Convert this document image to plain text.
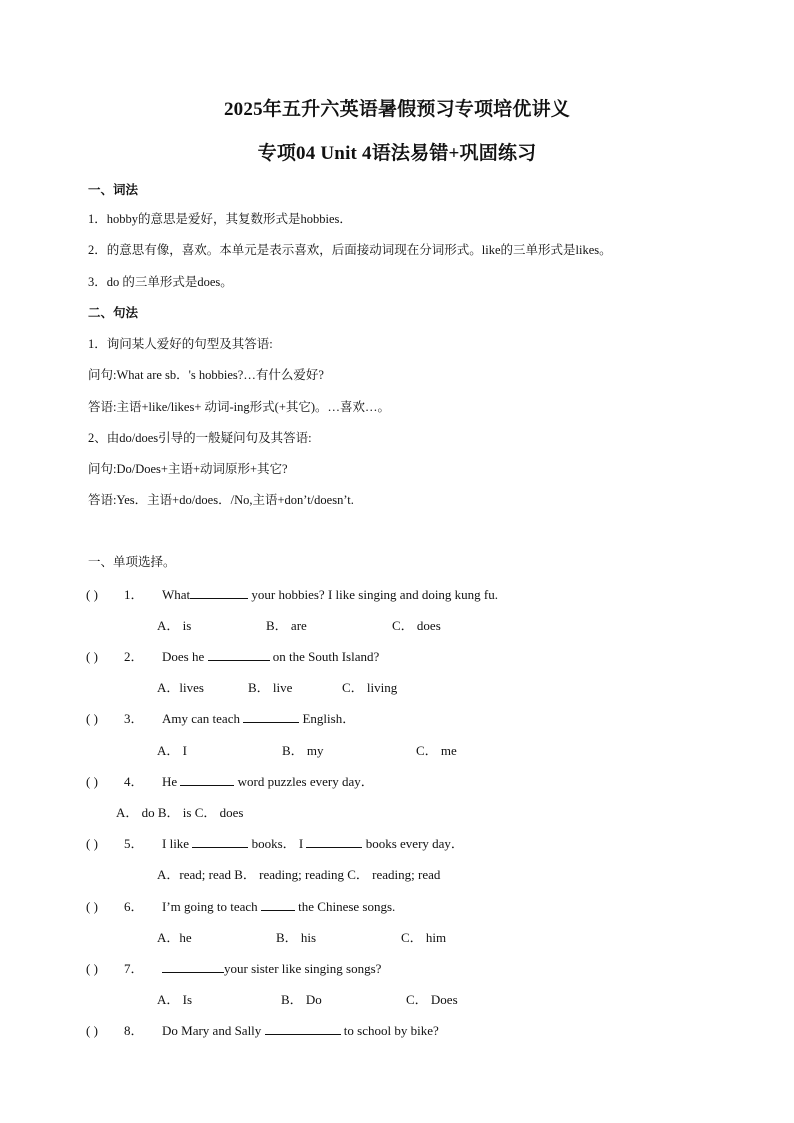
2025年五升六英语暑假预习专项培优讲义
专项04 Unit 4语法易错+巩固练习
一、词法
1．hobby的意思是爱好，其复数形式是hobbies．
2．的意思有像，喜欢。本单元是表示喜欢，后面接动词现在分词形式。like的三单形式是likes。
3．do 的三单形式是does。
二、句法
1．询问某人爱好的句型及其答语:
问句:What are sb．'s hobbies?…有什么爱好?
答语:主语+like/likes+ 动词-ing形式(+其它)。…喜欢…。
2、由do/does引导的一般疑问句及其答语:
问句:Do/Does+主语+动词原形+其它?
答语:Yes．主语+do/does．/No,主语+don’t/doesn’t.
一、单项选择。
( ) 1． What	your hobbies? I like singing and doing kung fu.
A． is	B． are	C． does
( ) 2． Does he	on the South Island?
A．lives	B． live	C． living
( ) 3． Amy can teach	English．
A． I	B． my	C． me
( ) 4． He	word puzzles every day．
A． do B． is C． does
( ) 5． I like	books． I	books every day．
A．read; read B． reading; reading C． reading; read
( ) 6． I’m going to teach	the Chinese songs.
A．he	B． his	C． him
( ) 7．	your sister like singing songs?
A． Is	B． Do	C． Does
( ) 8． Do Mary and Sally	to school by bike?
